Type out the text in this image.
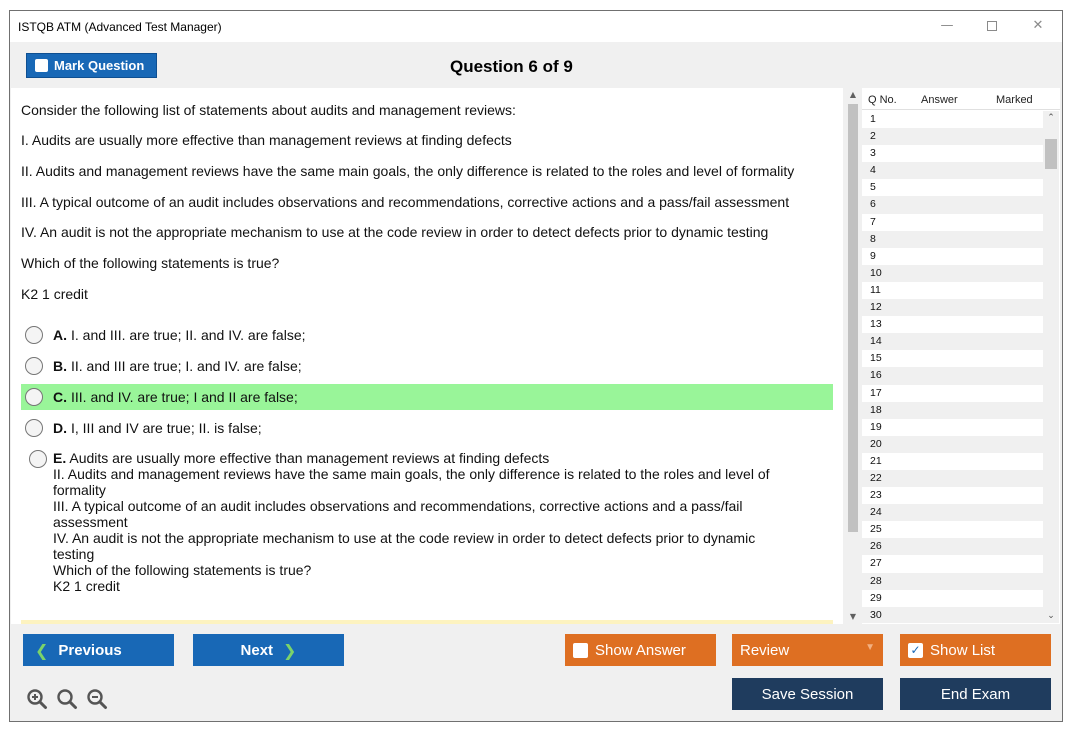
ISTQB ATM (Advanced Test Manager)	—	✕
Mark Question	Question 6 of 9
Consider the following list of statements about audits and management reviews:
I. Audits are usually more effective than management reviews at finding defects
II. Audits and management reviews have the same main goals, the only difference is related to the roles and level of formality
III. A typical outcome of an audit includes observations and recommendations, corrective actions and a pass/fail assessment
IV. An audit is not the appropriate mechanism to use at the code review in order to detect defects prior to dynamic testing
Which of the following statements is true?
K2 1 credit
A. I. and III. are true; II. and IV. are false;
B. II. and III are true; I. and IV. are false;
C. III. and IV. are true; I and II are false;
D. I, III and IV are true; II. is false;
E. Audits are usually more effective than management reviews at finding defects
II. Audits and management reviews have the same main goals, the only difference is related to the roles and level of
formality
III. A typical outcome of an audit includes observations and recommendations, corrective actions and a pass/fail
assessment
IV. An audit is not the appropriate mechanism to use at the code review in order to detect defects prior to dynamic
testing
Which of the following statements is true?
K2 1 credit
▲
▼
Q No. Answer	Marked
1
2
3
4
5
6
7
8
9
10
11
12
13
14
15
16
17
18
19
20
21
22
23
24
25
26
27
28
29
30
⌃
⌄
❮ Previous	Next ❯	Show Answer	Review	▼	✓ Show List
Save Session	End Exam
